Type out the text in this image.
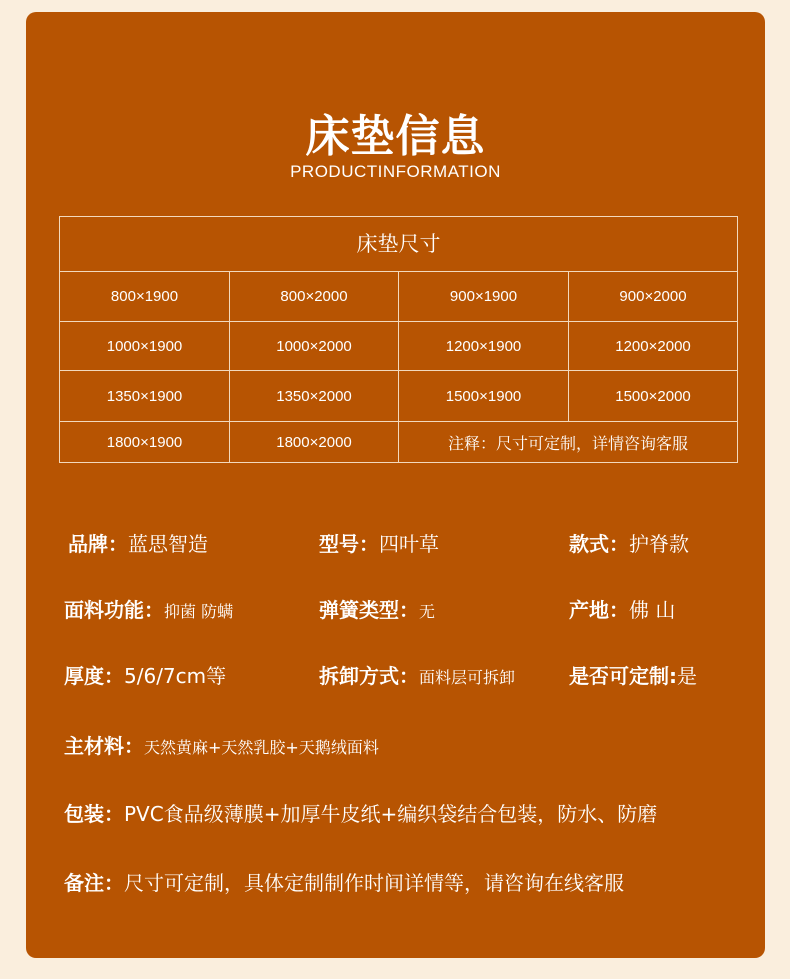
床垫信息
PRODUCTINFORMATION
床垫尺寸
800×1900	800×2000	900×1900	900×2000
1000×1900	1000×2000	1200×1900	1200×2000
1350×1900	1350×2000	1500×1900	1500×2000
1800×1900	1800×2000	注释：尺寸可定制，详情咨询客服
品牌：蓝思智造	型号：四叶草	款式：护脊款
面料功能：抑菌 防螨	弹簧类型：无	产地：佛 山
厚度：5/6/7cm等	拆卸方式：面料层可拆卸	是否可定制:是
主材料：天然黄麻+天然乳胶+天鹅绒面料
包装：PVC食品级薄膜+加厚牛皮纸+编织袋结合包装，防水、防磨
备注：尺寸可定制，具体定制制作时间详情等，请咨询在线客服
